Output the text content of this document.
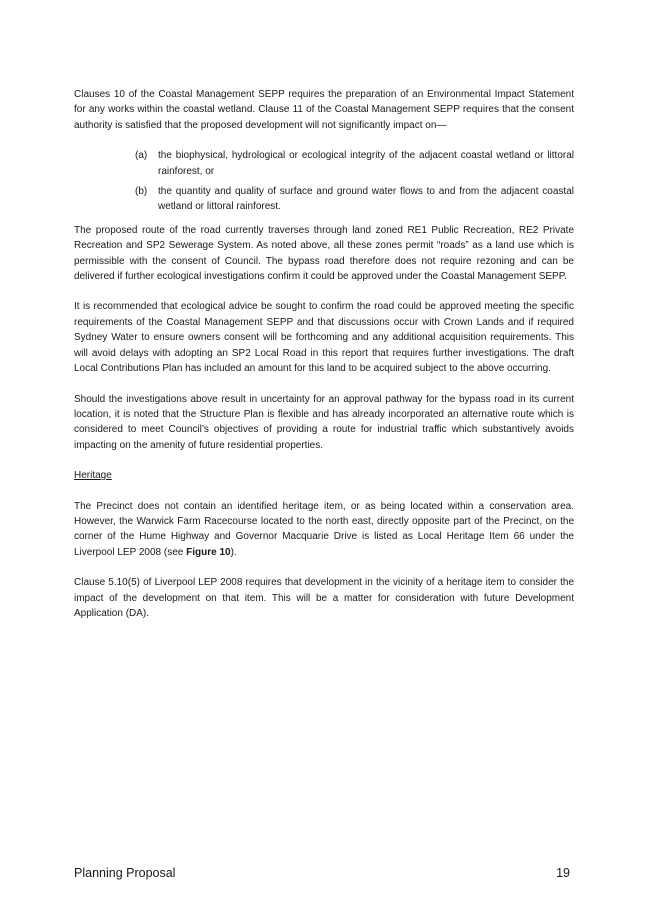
Clauses 10 of the Coastal Management SEPP requires the preparation of an Environmental Impact Statement for any works within the coastal wetland. Clause 11 of the Coastal Management SEPP requires that the consent authority is satisfied that the proposed development will not significantly impact on—

(a) the biophysical, hydrological or ecological integrity of the adjacent coastal wetland or littoral rainforest, or
(b) the quantity and quality of surface and ground water flows to and from the adjacent coastal wetland or littoral rainforest.

The proposed route of the road currently traverses through land zoned RE1 Public Recreation, RE2 Private Recreation and SP2 Sewerage System. As noted above, all these zones permit “roads” as a land use which is permissible with the consent of Council. The bypass road therefore does not require rezoning and can be delivered if further ecological investigations confirm it could be approved under the Coastal Management SEPP.

It is recommended that ecological advice be sought to confirm the road could be approved meeting the specific requirements of the Coastal Management SEPP and that discussions occur with Crown Lands and if required Sydney Water to ensure owners consent will be forthcoming and any additional acquisition requirements. This will avoid delays with adopting an SP2 Local Road in this report that requires further investigations. The draft Local Contributions Plan has included an amount for this land to be acquired subject to the above occurring.

Should the investigations above result in uncertainty for an approval pathway for the bypass road in its current location, it is noted that the Structure Plan is flexible and has already incorporated an alternative route which is considered to meet Council’s objectives of providing a route for industrial traffic which substantively avoids impacting on the amenity of future residential properties.

Heritage

The Precinct does not contain an identified heritage item, or as being located within a conservation area. However, the Warwick Farm Racecourse located to the north east, directly opposite part of the Precinct, on the corner of the Hume Highway and Governor Macquarie Drive is listed as Local Heritage Item 66 under the Liverpool LEP 2008 (see Figure 10).

Clause 5.10(5) of Liverpool LEP 2008 requires that development in the vicinity of a heritage item to consider the impact of the development on that item. This will be a matter for consideration with future Development Application (DA).

Planning Proposal	19
